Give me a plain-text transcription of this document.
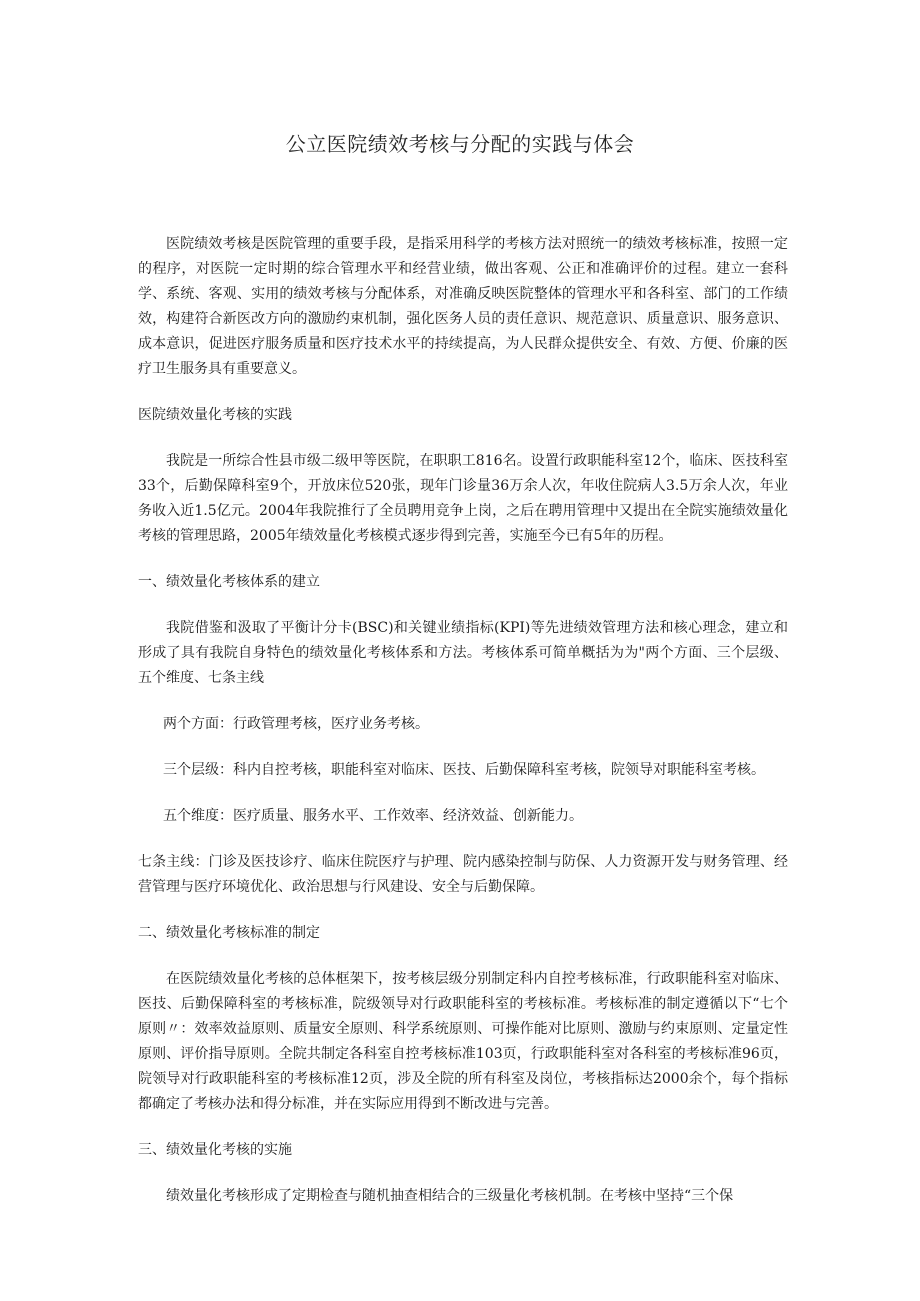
公立医院绩效考核与分配的实践与体会

医院绩效考核是医院管理的重要手段，是指采用科学的考核方法对照统一的绩效考核标准，按照一定的程序，对医院一定时期的综合管理水平和经营业绩，做出客观、公正和准确评价的过程。建立一套科学、系统、客观、实用的绩效考核与分配体系，对准确反映医院整体的管理水平和各科室、部门的工作绩效，构建符合新医改方向的激励约束机制，强化医务人员的责任意识、规范意识、质量意识、服务意识、成本意识，促进医疗服务质量和医疗技术水平的持续提高，为人民群众提供安全、有效、方便、价廉的医疗卫生服务具有重要意义。

医院绩效量化考核的实践

我院是一所综合性县市级二级甲等医院，在职职工816名。设置行政职能科室12个，临床、医技科室33个，后勤保障科室9个，开放床位520张，现年门诊量36万余人次，年收住院病人3.5万余人次，年业务收入近1.5亿元。2004年我院推行了全员聘用竞争上岗，之后在聘用管理中又提出在全院实施绩效量化考核的管理思路，2005年绩效量化考核模式逐步得到完善，实施至今已有5年的历程。

一、绩效量化考核体系的建立

我院借鉴和汲取了平衡计分卡(BSC)和关键业绩指标(KPI)等先进绩效管理方法和核心理念，建立和形成了具有我院自身特色的绩效量化考核体系和方法。考核体系可简单概括为为"两个方面、三个层级、五个维度、七条主线

两个方面：行政管理考核，医疗业务考核。

三个层级：科内自控考核，职能科室对临床、医技、后勤保障科室考核，院领导对职能科室考核。

五个维度：医疗质量、服务水平、工作效率、经济效益、创新能力。

七条主线：门诊及医技诊疗、临床住院医疗与护理、院内感染控制与防保、人力资源开发与财务管理、经营管理与医疗环境优化、政治思想与行风建设、安全与后勤保障。

二、绩效量化考核标准的制定

在医院绩效量化考核的总体框架下，按考核层级分别制定科内自控考核标准，行政职能科室对临床、医技、后勤保障科室的考核标准，院级领导对行政职能科室的考核标准。考核标准的制定遵循以下“七个原则〃：效率效益原则、质量安全原则、科学系统原则、可操作能对比原则、激励与约束原则、定量定性原则、评价指导原则。全院共制定各科室自控考核标准103页，行政职能科室对各科室的考核标准96页，院领导对行政职能科室的考核标准12页，涉及全院的所有科室及岗位，考核指标达2000余个，每个指标都确定了考核办法和得分标准，并在实际应用得到不断改进与完善。

三、绩效量化考核的实施

绩效量化考核形成了定期检查与随机抽查相结合的三级量化考核机制。在考核中坚持“三个保
